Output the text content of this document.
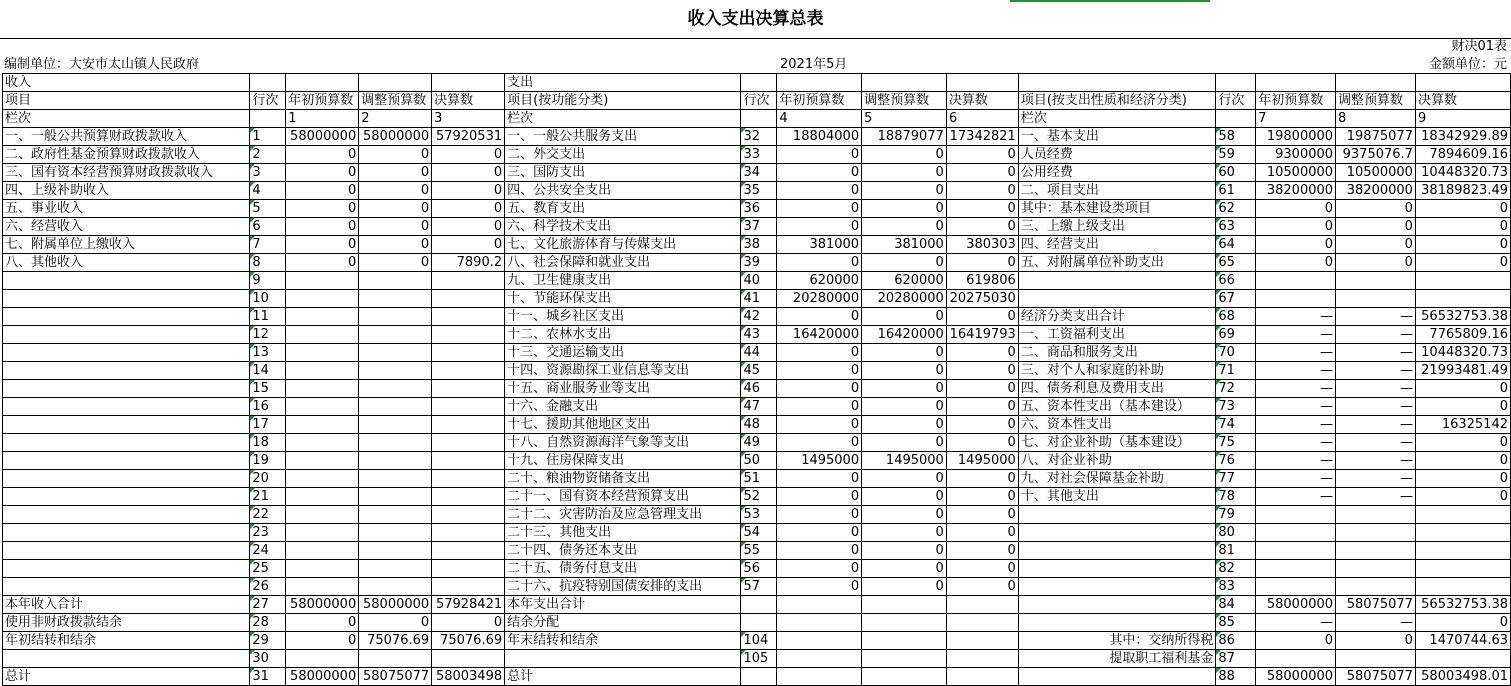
收入支出决算总表
财决01表
编制单位：大安市太山镇人民政府	2021年5月	金额单位：元
收入					支出									
项目	行次	年初预算数	调整预算数	决算数	项目(按功能分类)	行次	年初预算数	调整预算数	决算数	项目(按支出性质和经济分类)	行次	年初预算数	调整预算数	决算数
栏次		1	2	3	栏次		4	5	6	栏次		7	8	9
一、一般公共预算财政拨款收入	1	58000000	58000000	57920531	一、一般公共服务支出	32	18804000	18879077	17342821	一、基本支出	58	19800000	19875077	18342929.89
二、政府性基金预算财政拨款收入	2	0	0	0	二、外交支出	33	0	0	0	人员经费	59	9300000	9375076.7	7894609.16
三、国有资本经营预算财政拨款收入	3	0	0	0	三、国防支出	34	0	0	0	公用经费	60	10500000	10500000	10448320.73
四、上级补助收入	4	0	0	0	四、公共安全支出	35	0	0	0	二、项目支出	61	38200000	38200000	38189823.49
五、事业收入	5	0	0	0	五、教育支出	36	0	0	0	其中：基本建设类项目	62	0	0	0
六、经营收入	6	0	0	0	六、科学技术支出	37	0	0	0	三、上缴上级支出	63	0	0	0
七、附属单位上缴收入	7	0	0	0	七、文化旅游体育与传媒支出	38	381000	381000	380303	四、经营支出	64	0	0	0
八、其他收入	8	0	0	7890.2	八、社会保障和就业支出	39	0	0	0	五、对附属单位补助支出	65	0	0	0
	9				九、卫生健康支出	40	620000	620000	619806		66			
	10				十、节能环保支出	41	20280000	20280000	20275030		67			
	11				十一、城乡社区支出	42	0	0	0	经济分类支出合计	68	—	—	56532753.38
	12				十二、农林水支出	43	16420000	16420000	16419793	一、工资福利支出	69	—	—	7765809.16
	13				十三、交通运输支出	44	0	0	0	二、商品和服务支出	70	—	—	10448320.73
	14				十四、资源勘探工业信息等支出	45	0	0	0	三、对个人和家庭的补助	71	—	—	21993481.49
	15				十五、商业服务业等支出	46	0	0	0	四、债务利息及费用支出	72	—	—	0
	16				十六、金融支出	47	0	0	0	五、资本性支出（基本建设）	73	—	—	0
	17				十七、援助其他地区支出	48	0	0	0	六、资本性支出	74	—	—	16325142
	18				十八、自然资源海洋气象等支出	49	0	0	0	七、对企业补助（基本建设）	75	—	—	0
	19				十九、住房保障支出	50	1495000	1495000	1495000	八、对企业补助	76	—	—	0
	20				二十、粮油物资储备支出	51	0	0	0	九、对社会保障基金补助	77	—	—	0
	21				二十一、国有资本经营预算支出	52	0	0	0	十、其他支出	78	—	—	0
	22				二十二、灾害防治及应急管理支出	53	0	0	0		79			
	23				二十三、其他支出	54	0	0	0		80			
	24				二十四、债务还本支出	55	0	0	0		81			
	25				二十五、债务付息支出	56	0	0	0		82			
	26				二十六、抗疫特别国债安排的支出	57	0	0	0		83			
本年收入合计	27	58000000	58000000	57928421	本年支出合计						84	58000000	58075077	56532753.38
使用非财政拨款结余	28	0	0	0	结余分配						85	—	—	0
年初结转和结余	29	0	75076.69	75076.69	年末结转和结余	104				其中：交纳所得税	86	0	0	1470744.63
	30					105				提取职工福利基金	87			
总计	31	58000000	58075077	58003498	总计						88	58000000	58075077	58003498.01
